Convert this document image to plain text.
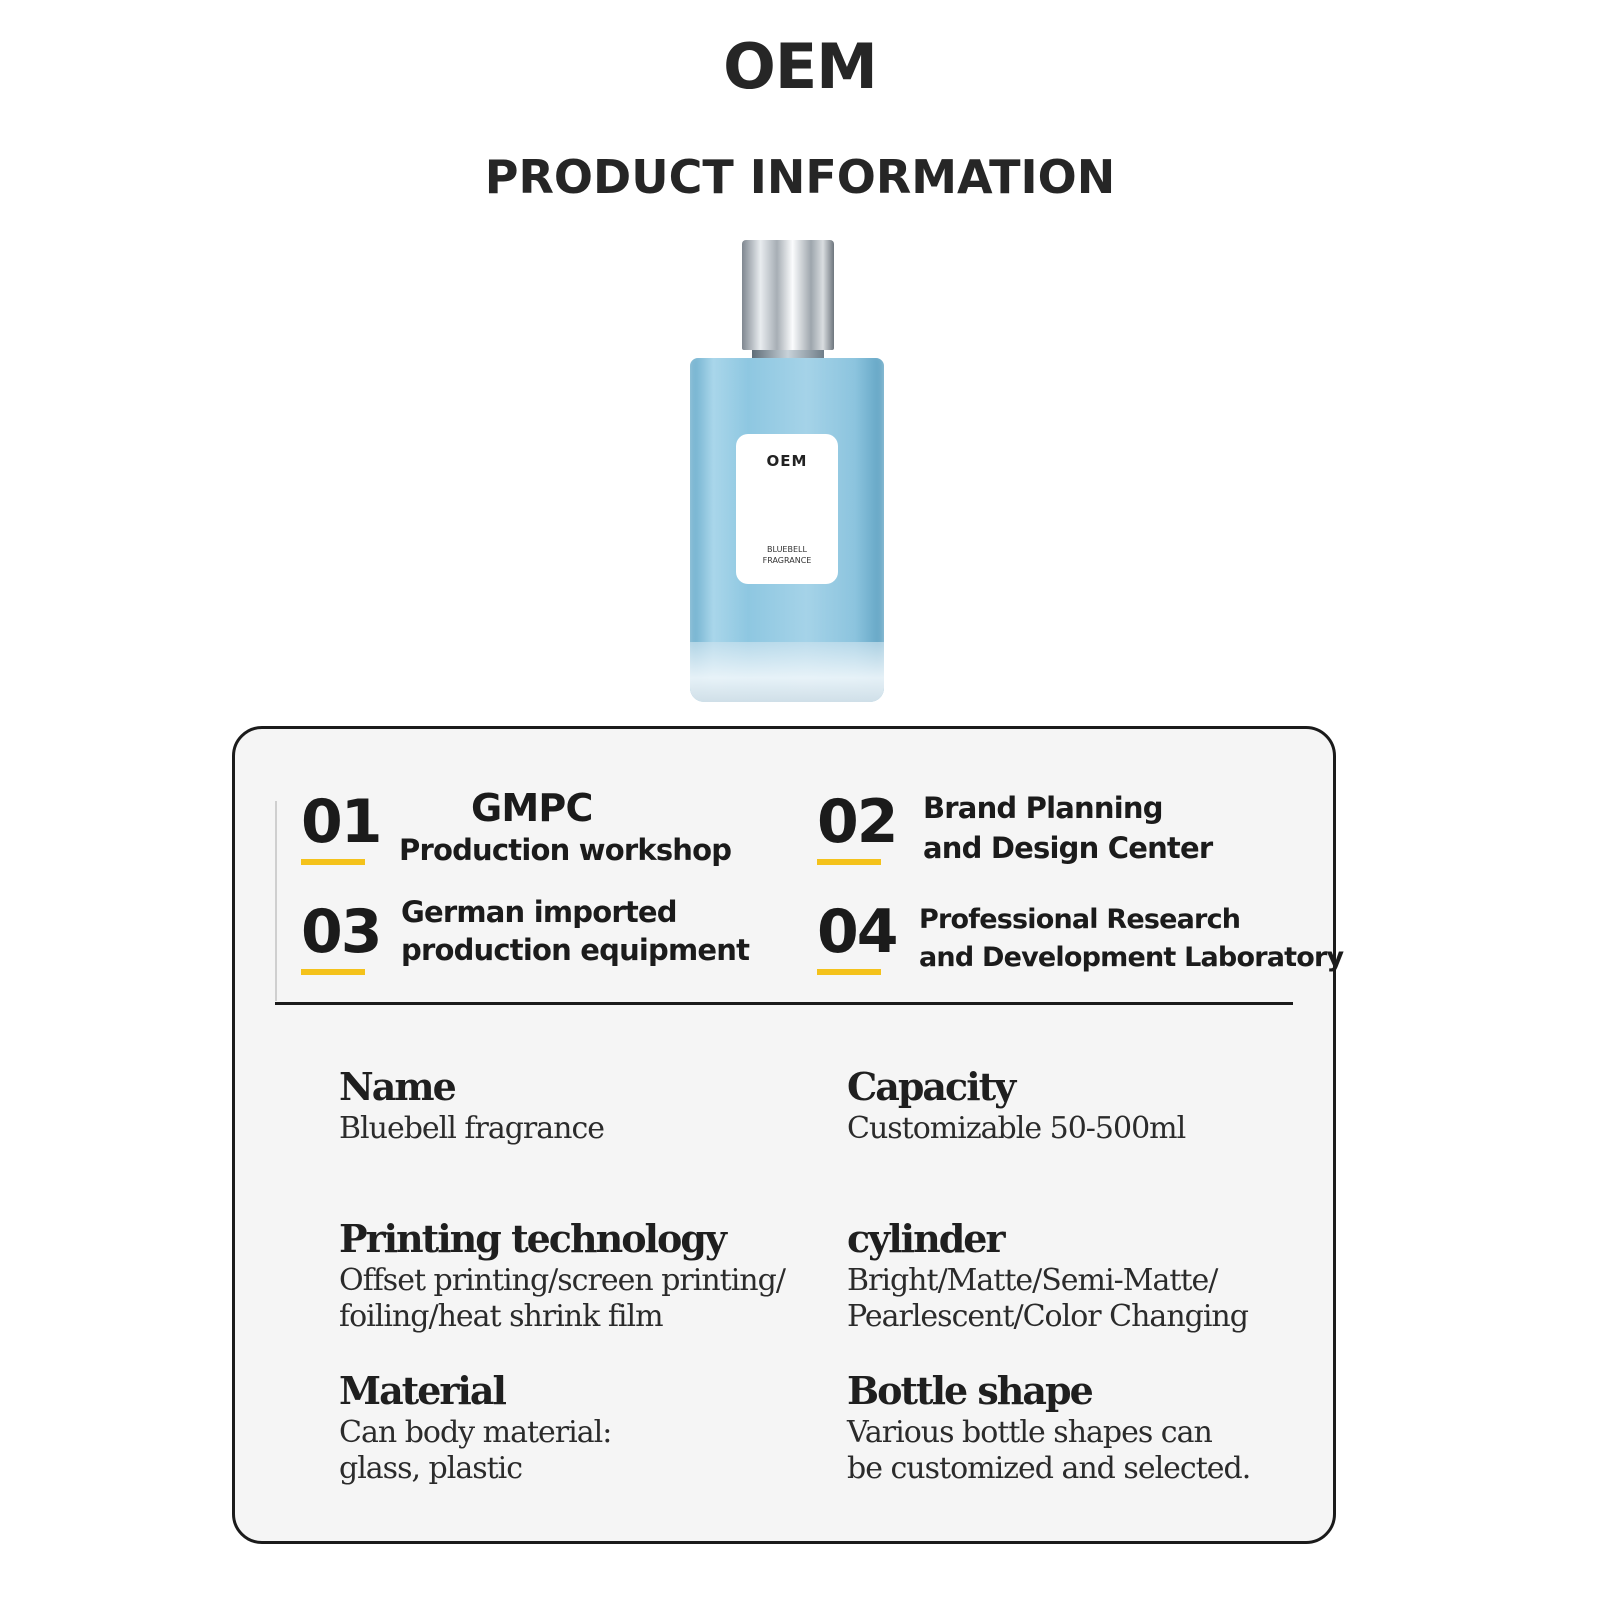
OEM
PRODUCT INFORMATION
OEM
BLUEBELL
FRAGRANCE
01 GMPC
Production workshop 02 Brand Planning
and Design Center
03 German imported
production equipment 04 Professional Research
and Development Laboratory
Name
Bluebell fragrance
Capacity
Customizable 50-500ml
Printing technology
Offset printing/screen printing/
foiling/heat shrink film
cylinder
Bright/Matte/Semi-Matte/
Pearlescent/Color Changing
Material
Can body material:
glass, plastic
Bottle shape
Various bottle shapes can
be customized and selected.
